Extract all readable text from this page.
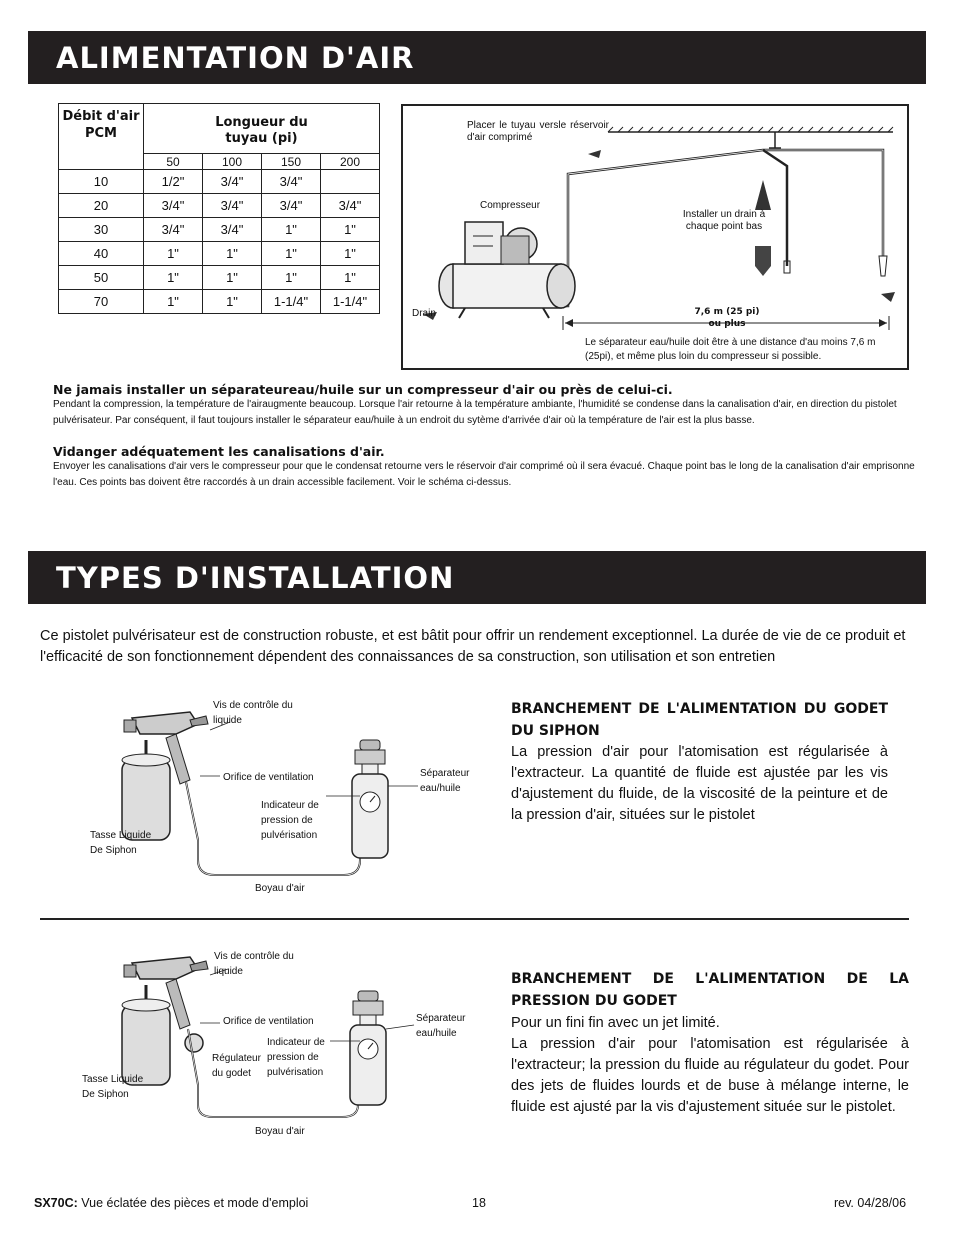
ALIMENTATION D'AIR
Débit d'air PCM	Longueur du tuyau (pi)			
	50	100	150	200
10	1/2"	3/4"	3/4"	
20	3/4"	3/4"	3/4"	3/4"
30	3/4"	3/4"	1"	1"
40	1"	1"	1"	1"
50	1"	1"	1"	1"
70	1"	1"	1-1/4"	1-1/4"
Placer le tuyau versle réservoir d'air comprimé
Compresseur
Installer un drain à chaque point bas
Drain	7,6 m (25 pi) ou plus
Le séparateur eau/huile doit être à une distance d'au moins 7,6 m (25pi), et même plus loin du compresseur si possible.
Ne jamais installer un séparateureau/huile sur un compresseur d'air ou près de celui-ci.
Pendant la compression, la température de l'airaugmente beaucoup. Lorsque l'air retourne à la température ambiante, l'humidité se condense dans la canalisation d'air, en direction du pistolet pulvérisateur. Par conséquent, il faut toujours installer le séparateur eau/huile à un endroit du sytème d'arrivée d'air où la température de l'air est la plus basse.
Vidanger adéquatement les canalisations d'air.
Envoyer les canalisations d'air vers le compresseur pour que le condensat retourne vers le réservoir d'air comprimé où il sera évacué. Chaque point bas le long de la canalisation d'air emprisonne l'eau. Ces points bas doivent être raccordés à un drain accessible facilement. Voir le schéma ci-dessus.
TYPES D'INSTALLATION
Ce pistolet pulvérisateur est de construction robuste, et est bâtit pour offrir un rendement exceptionnel. La durée de vie de ce produit et l'efficacité de son fonctionnement dépendent des connaissances de sa construction, son utilisation et son entretien
Vis de contrôle du liquide
Orifice de ventilation	Séparateur eau/huile
Indicateur de pression de pulvérisation
Tasse Liquide De Siphon
Boyau d'air
BRANCHEMENT DE L'ALIMENTATION DU GODET DU SIPHON
La pression d'air pour l'atomisation est régularisée à l'extracteur. La quantité de fluide est ajustée par les vis d'ajustement du fluide, de la viscosité de la peinture et de la pression d'air, situées sur le pistolet
Vis de contrôle du liquide
Orifice de ventilation	Séparateur eau/huile
Indicateur de pression de pulvérisation
Régulateur du godet
Tasse Liquide De Siphon
Boyau d'air
BRANCHEMENT DE L'ALIMENTATION DE LA PRESSION DU GODET
Pour un fini fin avec un jet limité.
La pression d'air pour l'atomisation est régularisée à l'extracteur; la pression du fluide au régulateur du godet. Pour des jets de fluides lourds et de buse à mélange interne, le fluide est ajusté par la vis d'ajustement située sur le pistolet.
SX70C: Vue éclatée des pièces et mode d'emploi	18	rev. 04/28/06
